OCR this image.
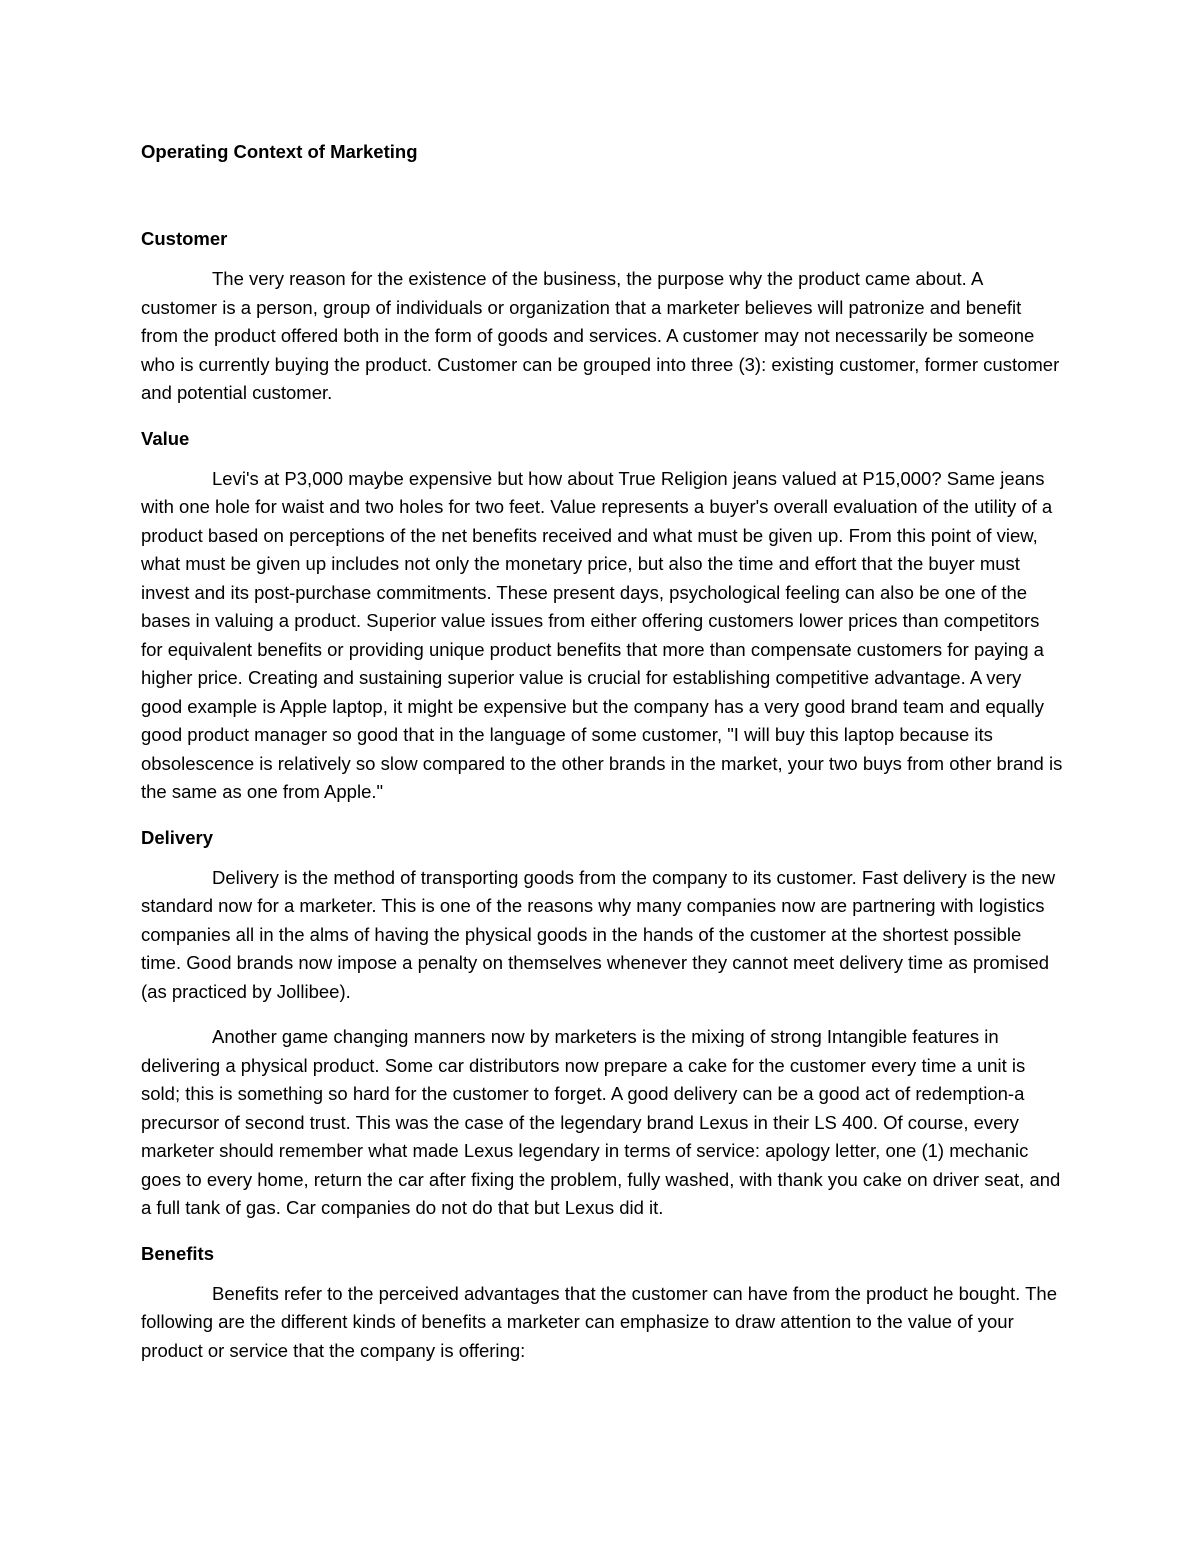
Operating Context of Marketing
Customer

The very reason for the existence of the business, the purpose why the product came about. A customer is a person, group of individuals or organization that a marketer believes will patronize and benefit from the product offered both in the form of goods and services. A customer may not necessarily be someone who is currently buying the product. Customer can be grouped into three (3): existing customer, former customer and potential customer.

Value

Levi's at P3,000 maybe expensive but how about True Religion jeans valued at P15,000? Same jeans with one hole for waist and two holes for two feet. Value represents a buyer's overall evaluation of the utility of a product based on perceptions of the net benefits received and what must be given up. From this point of view, what must be given up includes not only the monetary price, but also the time and effort that the buyer must invest and its post-purchase commitments. These present days, psychological feeling can also be one of the bases in valuing a product. Superior value issues from either offering customers lower prices than competitors for equivalent benefits or providing unique product benefits that more than compensate customers for paying a higher price. Creating and sustaining superior value is crucial for establishing competitive advantage. A very good example is Apple laptop, it might be expensive but the company has a very good brand team and equally good product manager so good that in the language of some customer, "I will buy this laptop because its obsolescence is relatively so slow compared to the other brands in the market, your two buys from other brand is the same as one from Apple."

Delivery

Delivery is the method of transporting goods from the company to its customer. Fast delivery is the new standard now for a marketer. This is one of the reasons why many companies now are partnering with logistics companies all in the alms of having the physical goods in the hands of the customer at the shortest possible time. Good brands now impose a penalty on themselves whenever they cannot meet delivery time as promised (as practiced by Jollibee).

Another game changing manners now by marketers is the mixing of strong Intangible features in delivering a physical product. Some car distributors now prepare a cake for the customer every time a unit is sold; this is something so hard for the customer to forget. A good delivery can be a good act of redemption-a precursor of second trust. This was the case of the legendary brand Lexus in their LS 400. Of course, every marketer should remember what made Lexus legendary in terms of service: apology letter, one (1) mechanic goes to every home, return the car after fixing the problem, fully washed, with thank you cake on driver seat, and a full tank of gas. Car companies do not do that but Lexus did it.

Benefits

Benefits refer to the perceived advantages that the customer can have from the product he bought. The following are the different kinds of benefits a marketer can emphasize to draw attention to the value of your product or service that the company is offering:
